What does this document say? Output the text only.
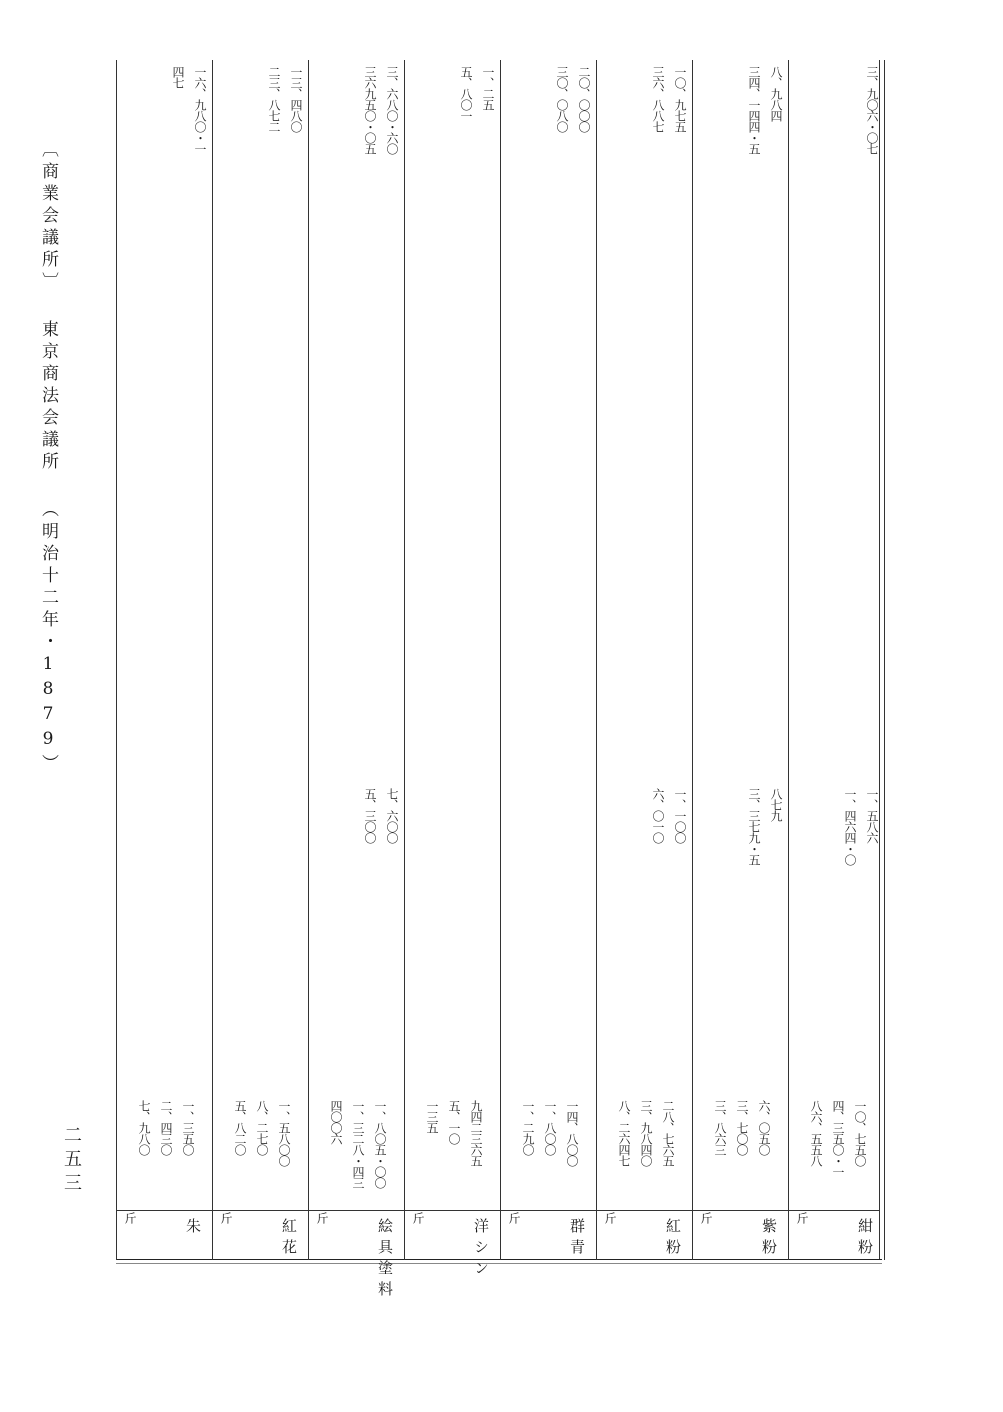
〔商業会議所〕東京商法会議所（明治十二年・1879）
二五三
紺粉
斤
三、九〇六・〇七
一、五八六
一、四六四・〇
一〇、七五〇
四、三五〇・一
八六、五五八
紫粉
斤
八、九八四
三四、一四四・五
八七九
三、三七九・五
六、〇五〇
三、七〇〇
三、八六三
紅粉
斤
一〇、九七五
三六、八八七
一、一〇〇
六、〇一〇
二八、七六五
三、九八四〇
八、二六四七
群青
斤
二〇、〇〇〇
三〇、〇八〇
一四、八〇〇
一、八〇〇
一、二九〇
洋シン
斤
一、二五
五、八〇一
九四二三六五
五、一〇
一三五
絵具塗料
斤
三、六八〇・六〇
三六九五〇・〇五
七、六〇〇
五、三〇〇
一、八〇五・〇〇
一、三二八・四三
四〇〇六
紅花
斤
一三、四八〇
二三、八七二
一、五八〇〇
八、二七〇
五、八二〇
朱
斤
一六、九八〇・一
四七
一、三五〇
二、四三〇
七、九八〇
